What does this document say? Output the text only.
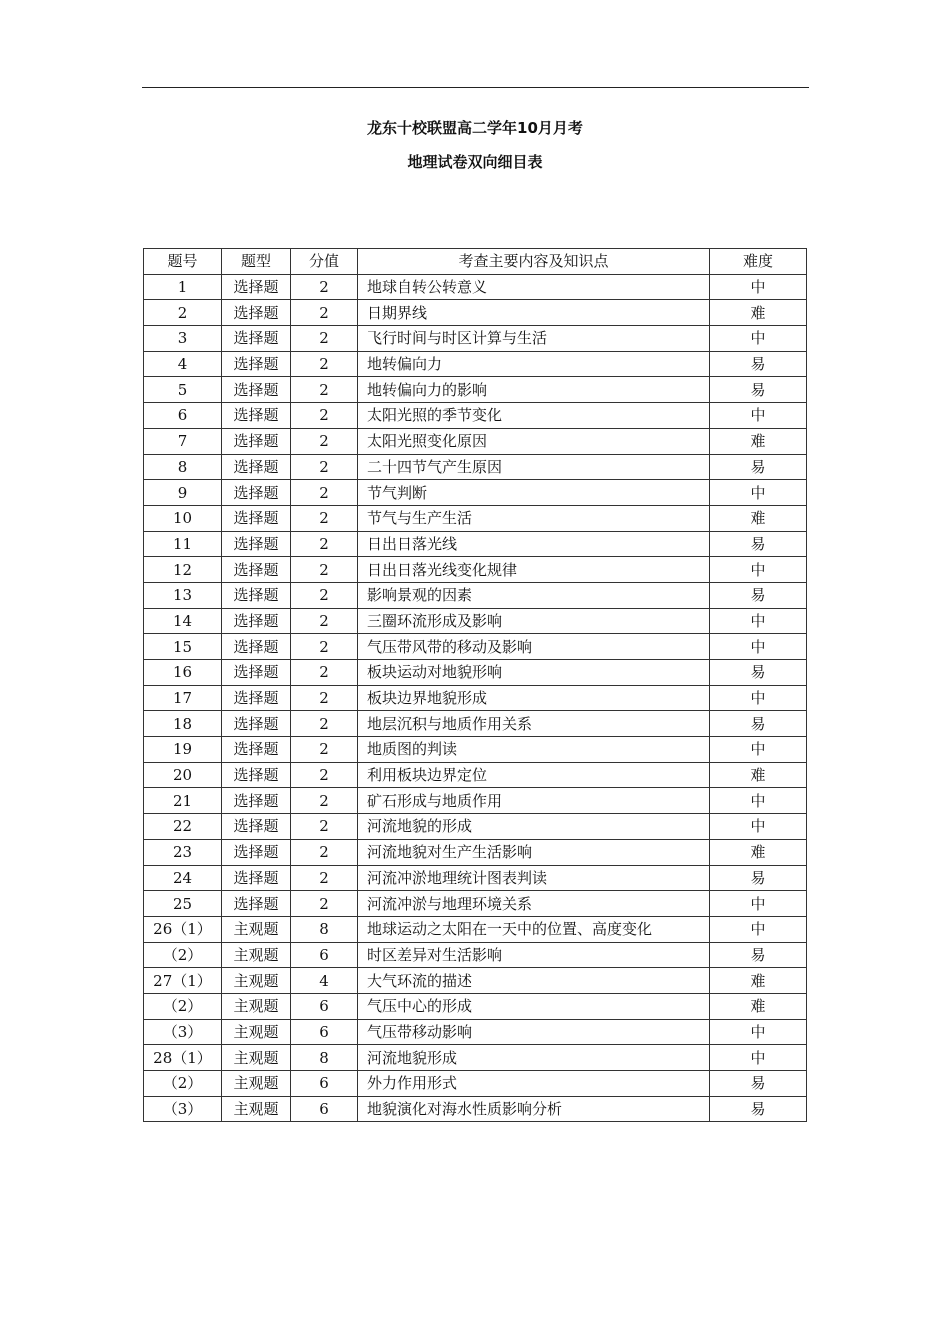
龙东十校联盟高二学年10月月考
地理试卷双向细目表
题号	题型	分值	考查主要内容及知识点	难度
1	选择题	2	地球自转公转意义	中
2	选择题	2	日期界线	难
3	选择题	2	飞行时间与时区计算与生活	中
4	选择题	2	地转偏向力	易
5	选择题	2	地转偏向力的影响	易
6	选择题	2	太阳光照的季节变化	中
7	选择题	2	太阳光照变化原因	难
8	选择题	2	二十四节气产生原因	易
9	选择题	2	节气判断	中
10	选择题	2	节气与生产生活	难
11	选择题	2	日出日落光线	易
12	选择题	2	日出日落光线变化规律	中
13	选择题	2	影响景观的因素	易
14	选择题	2	三圈环流形成及影响	中
15	选择题	2	气压带风带的移动及影响	中
16	选择题	2	板块运动对地貌形响	易
17	选择题	2	板块边界地貌形成	中
18	选择题	2	地层沉积与地质作用关系	易
19	选择题	2	地质图的判读	中
20	选择题	2	利用板块边界定位	难
21	选择题	2	矿石形成与地质作用	中
22	选择题	2	河流地貌的形成	中
23	选择题	2	河流地貌对生产生活影响	难
24	选择题	2	河流冲淤地理统计图表判读	易
25	选择题	2	河流冲淤与地理环境关系	中
26（1）	主观题	8	地球运动之太阳在一天中的位置、高度变化	中
（2）	主观题	6	时区差异对生活影响	易
27（1）	主观题	4	大气环流的描述	难
（2）	主观题	6	气压中心的形成	难
（3）	主观题	6	气压带移动影响	中
28（1）	主观题	8	河流地貌形成	中
（2）	主观题	6	外力作用形式	易
（3）	主观题	6	地貌演化对海水性质影响分析	易
